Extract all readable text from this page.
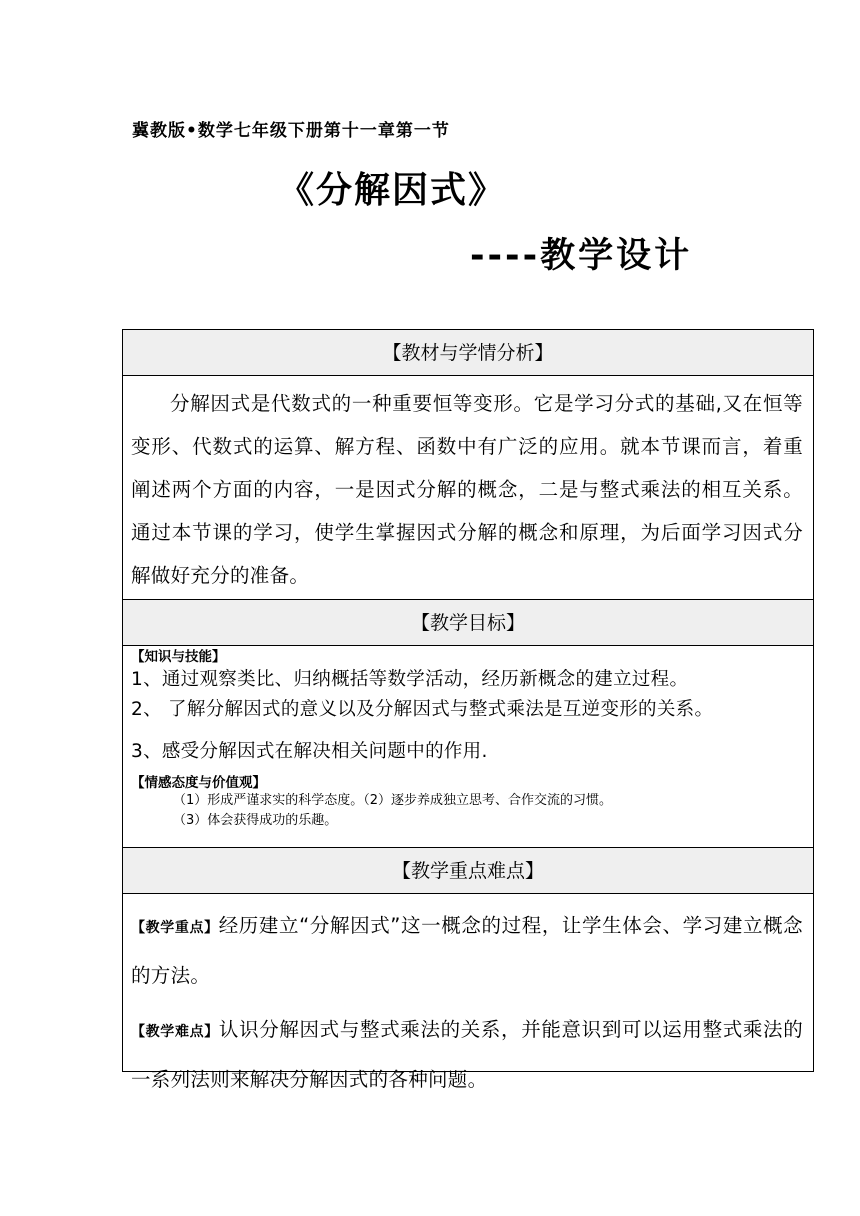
冀教版•数学七年级下册第十一章第一节
《分解因式》
----教学设计
【教材与学情分析】
分解因式是代数式的一种重要恒等变形。它是学习分式的基础,又在恒等变形、代数式的运算、解方程、函数中有广泛的应用。就本节课而言，着重阐述两个方面的内容，一是因式分解的概念，二是与整式乘法的相互关系。通过本节课的学习，使学生掌握因式分解的概念和原理，为后面学习因式分解做好充分的准备。
【教学目标】
【知识与技能】
1、通过观察类比、归纳概括等数学活动，经历新概念的建立过程。
2、 了解分解因式的意义以及分解因式与整式乘法是互逆变形的关系。
3、感受分解因式在解决相关问题中的作用.
【情感态度与价值观】
（1）形成严谨求实的科学态度。（2）逐步养成独立思考、合作交流的习惯。
（3）体会获得成功的乐趣。
【教学重点难点】
【教学重点】经历建立“分解因式”这一概念的过程，让学生体会、学习建立概念的方法。
【教学难点】认识分解因式与整式乘法的关系，并能意识到可以运用整式乘法的一系列法则来解决分解因式的各种问题。
